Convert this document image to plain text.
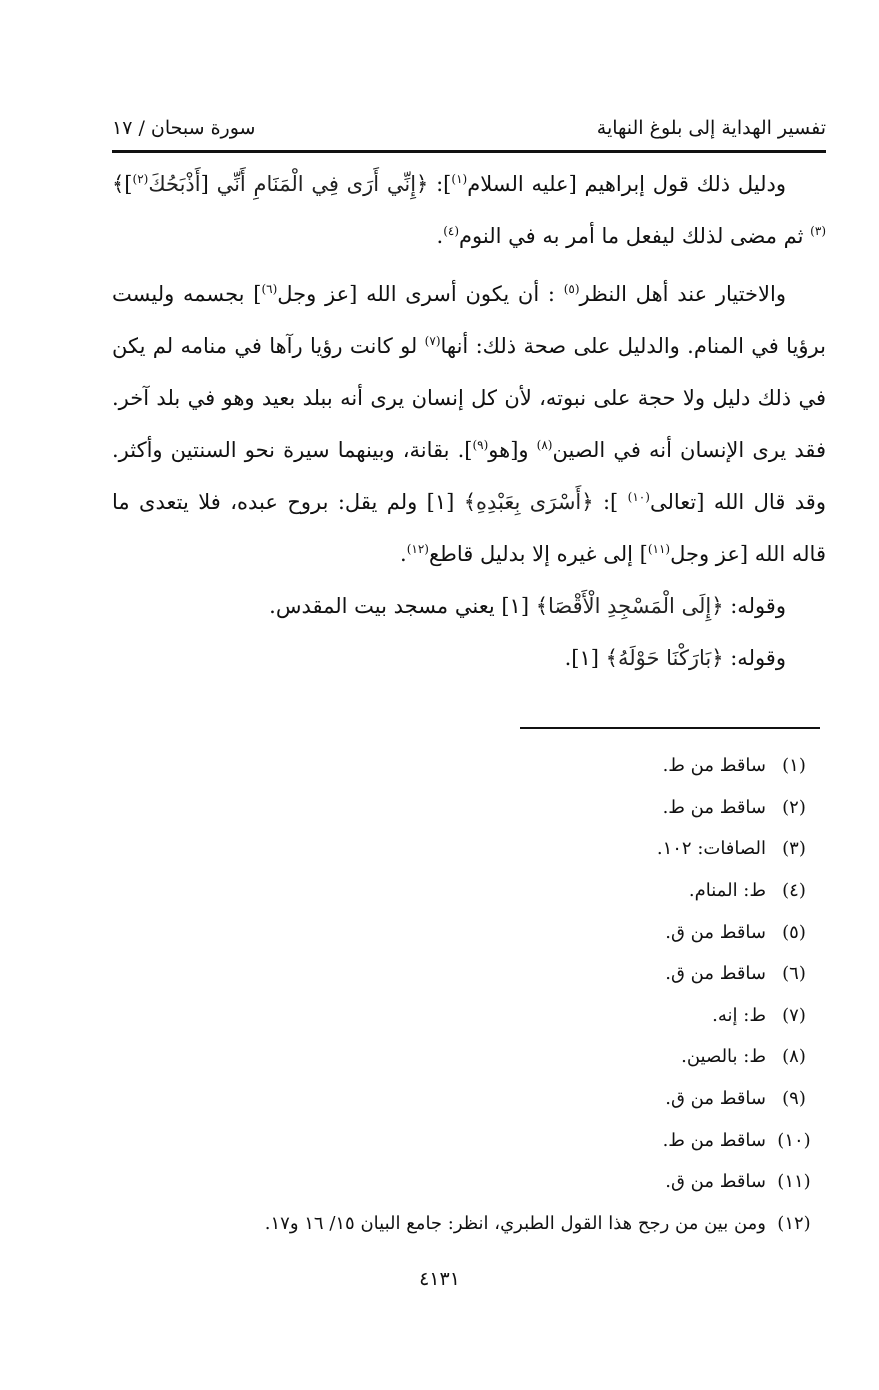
تفسير الهداية إلى بلوغ النهاية
سورة سبحان / ١٧

ودليل ذلك قول إبراهيم [عليه السلام$^{(١)}$]: ﴿إِنِّي أَرَى فِي الْمَنَامِ أَنِّي [أَذْبَحُكَ$^{(٢)}$]﴾$^{(٣)}$ ثم مضى لذلك ليفعل ما أمر به في النوم$^{(٤)}$.

والاختيار عند أهل النظر$^{(٥)}$ : أن يكون أسرى الله [عز وجل$^{(٦)}$] بجسمه وليست برؤيا في المنام. والدليل على صحة ذلك: أنها$^{(٧)}$ لو كانت رؤيا رآها في منامه لم يكن في ذلك دليل ولا حجة على نبوته، لأن كل إنسان يرى أنه ببلد بعيد وهو في بلد آخر. فقد يرى الإنسان أنه في الصين$^{(٨)}$ و[هو$^{(٩)}$]. بقانة، وبينهما سيرة نحو السنتين وأكثر. وقد قال الله [تعالى$^{(١٠)}$ ]: ﴿أَسْرَى بِعَبْدِهِ﴾ [١] ولم يقل: بروح عبده، فلا يتعدى ما قاله الله [عز وجل$^{(١١)}$] إلى غيره إلا بدليل قاطع$^{(١٢)}$.

وقوله: ﴿إِلَى الْمَسْجِدِ الْأَقْصَا﴾ [١] يعني مسجد بيت المقدس.

وقوله: ﴿بَارَكْنَا حَوْلَهُ﴾ [١].

(١)
ساقط من ط.
(٢)
ساقط من ط.
(٣)
الصافات: ١٠٢.
(٤)
ط: المنام.
(٥)
ساقط من ق.
(٦)
ساقط من ق.
(٧)
ط: إنه.
(٨)
ط: بالصين.
(٩)
ساقط من ق.
(١٠)
ساقط من ط.
(١١)
ساقط من ق.
(١٢)
ومن بين من رجح هذا القول الطبري، انظر: جامع البيان ١٥/ ١٦ و١٧.
٤١٣١
